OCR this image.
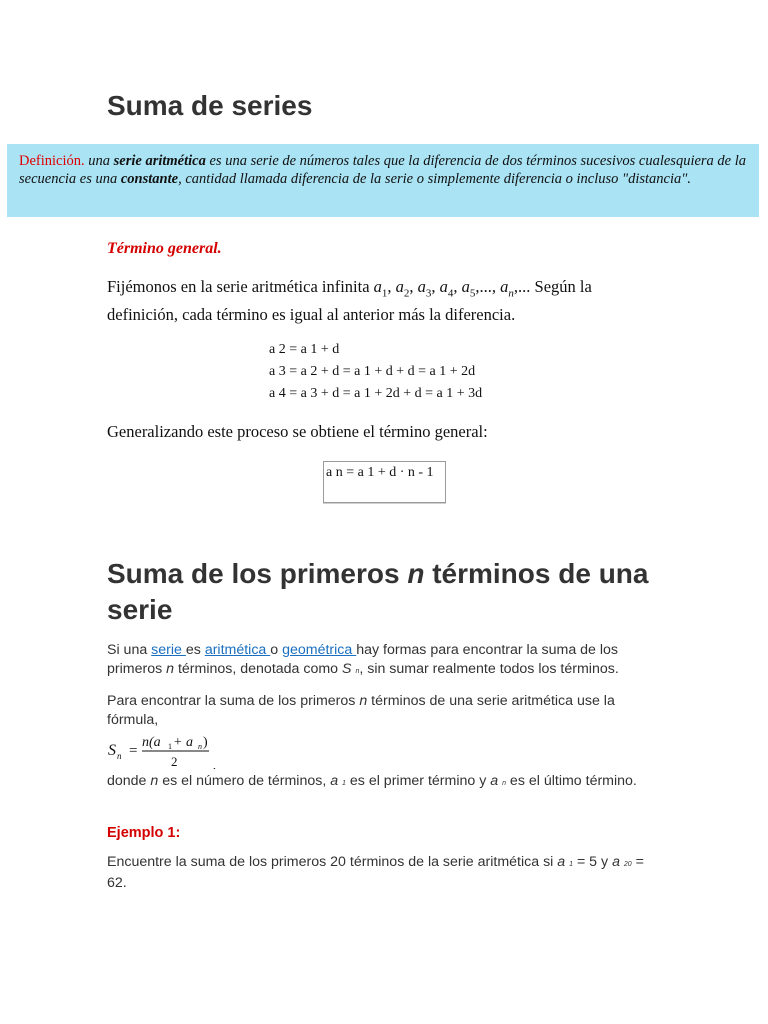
Suma de series
Definición. una serie aritmética es una serie de números tales que la diferencia de dos términos sucesivos cualesquiera de la secuencia es una constante, cantidad llamada diferencia de la serie o simplemente diferencia o incluso "distancia".
Término general.
Fijémonos en la serie aritmética infinita $a_1$, $a_2$, $a_3$, $a_4$, $a_5$,..., $a_n$,... Según la definición, cada término es igual al anterior más la diferencia.
a 2 = a 1 + d
a 3 = a 2 + d = a 1 + d + d = a 1 + 2d
a 4 = a 3 + d = a 1 + 2d + d = a 1 + 3d
Generalizando este proceso se obtiene el término general:
a n = a 1 + d · n - 1
Suma de los primeros n términos de una serie
Si una serie es aritmética o geométrica hay formas para encontrar la suma de los primeros n términos, denotada como S n, sin sumar realmente todos los términos.
Para encontrar la suma de los primeros n términos de una serie aritmética use la fórmula,
S n =
n(a 1 + a n )
2	,
donde n es el número de términos, a 1 es el primer término y a n es el último término.
Ejemplo 1:
Encuentre la suma de los primeros 20 términos de la serie aritmética si a 1 = 5 y a 20 = 62.
